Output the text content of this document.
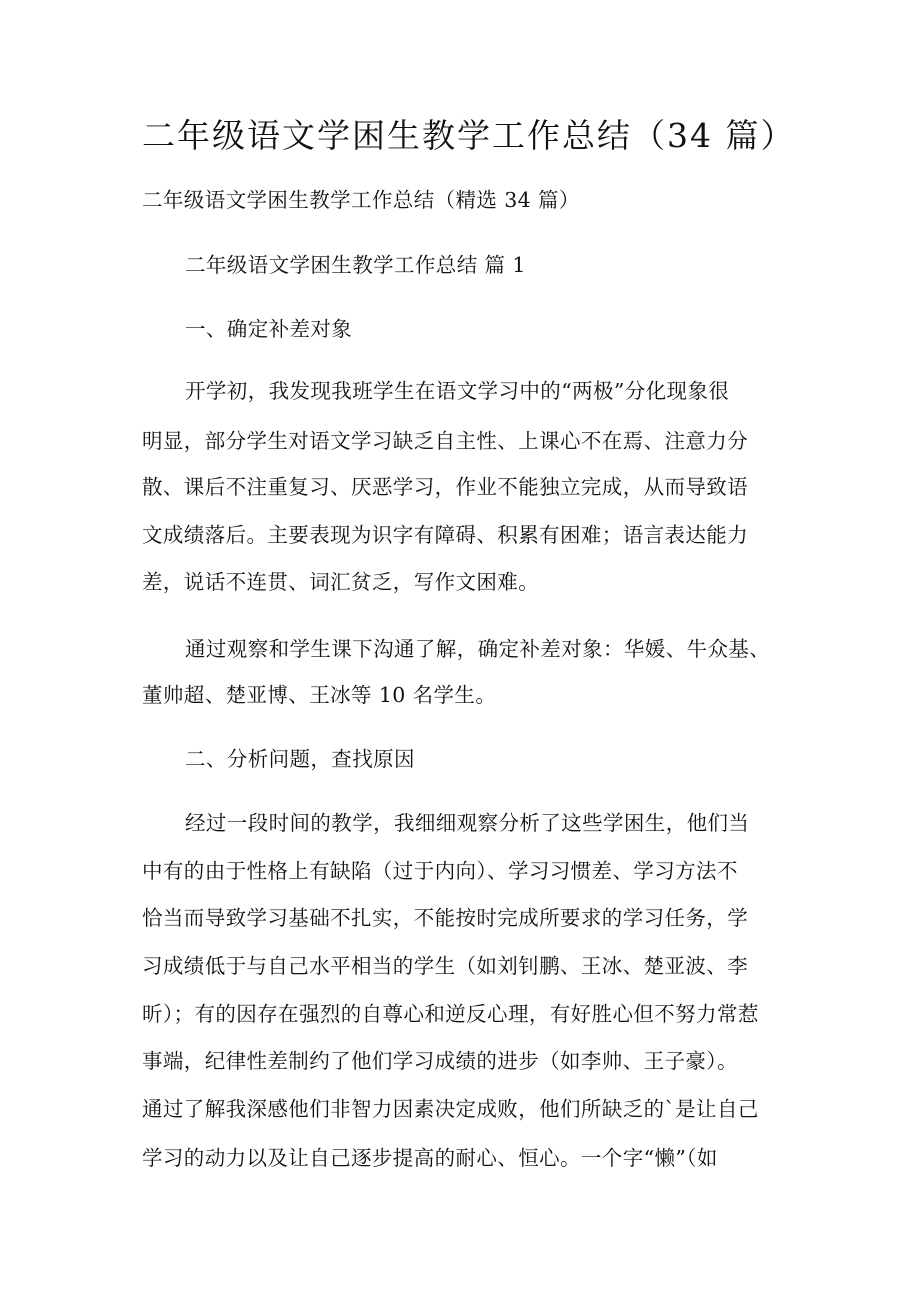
二年级语文学困生教学工作总结（34 篇）
二年级语文学困生教学工作总结（精选 34 篇）
二年级语文学困生教学工作总结 篇 1
一、确定补差对象
开学初，我发现我班学生在语文学习中的“两极”分化现象很
明显，部分学生对语文学习缺乏自主性、上课心不在焉、注意力分
散、课后不注重复习、厌恶学习，作业不能独立完成，从而导致语
文成绩落后。主要表现为识字有障碍、积累有困难；语言表达能力
差，说话不连贯、词汇贫乏，写作文困难。
通过观察和学生课下沟通了解，确定补差对象：华媛、牛众基、
董帅超、楚亚博、王冰等 10 名学生。
二、分析问题，查找原因
经过一段时间的教学，我细细观察分析了这些学困生，他们当
中有的由于性格上有缺陷（过于内向）、学习习惯差、学习方法不
恰当而导致学习基础不扎实，不能按时完成所要求的学习任务，学
习成绩低于与自己水平相当的学生（如刘钊鹏、王冰、楚亚波、李
昕）；有的因存在强烈的自尊心和逆反心理，有好胜心但不努力常惹
事端，纪律性差制约了他们学习成绩的进步（如李帅、王子豪）。
通过了解我深感他们非智力因素决定成败，他们所缺乏的`是让自己
学习的动力以及让自己逐步提高的耐心、恒心。一个字“懒”（如
